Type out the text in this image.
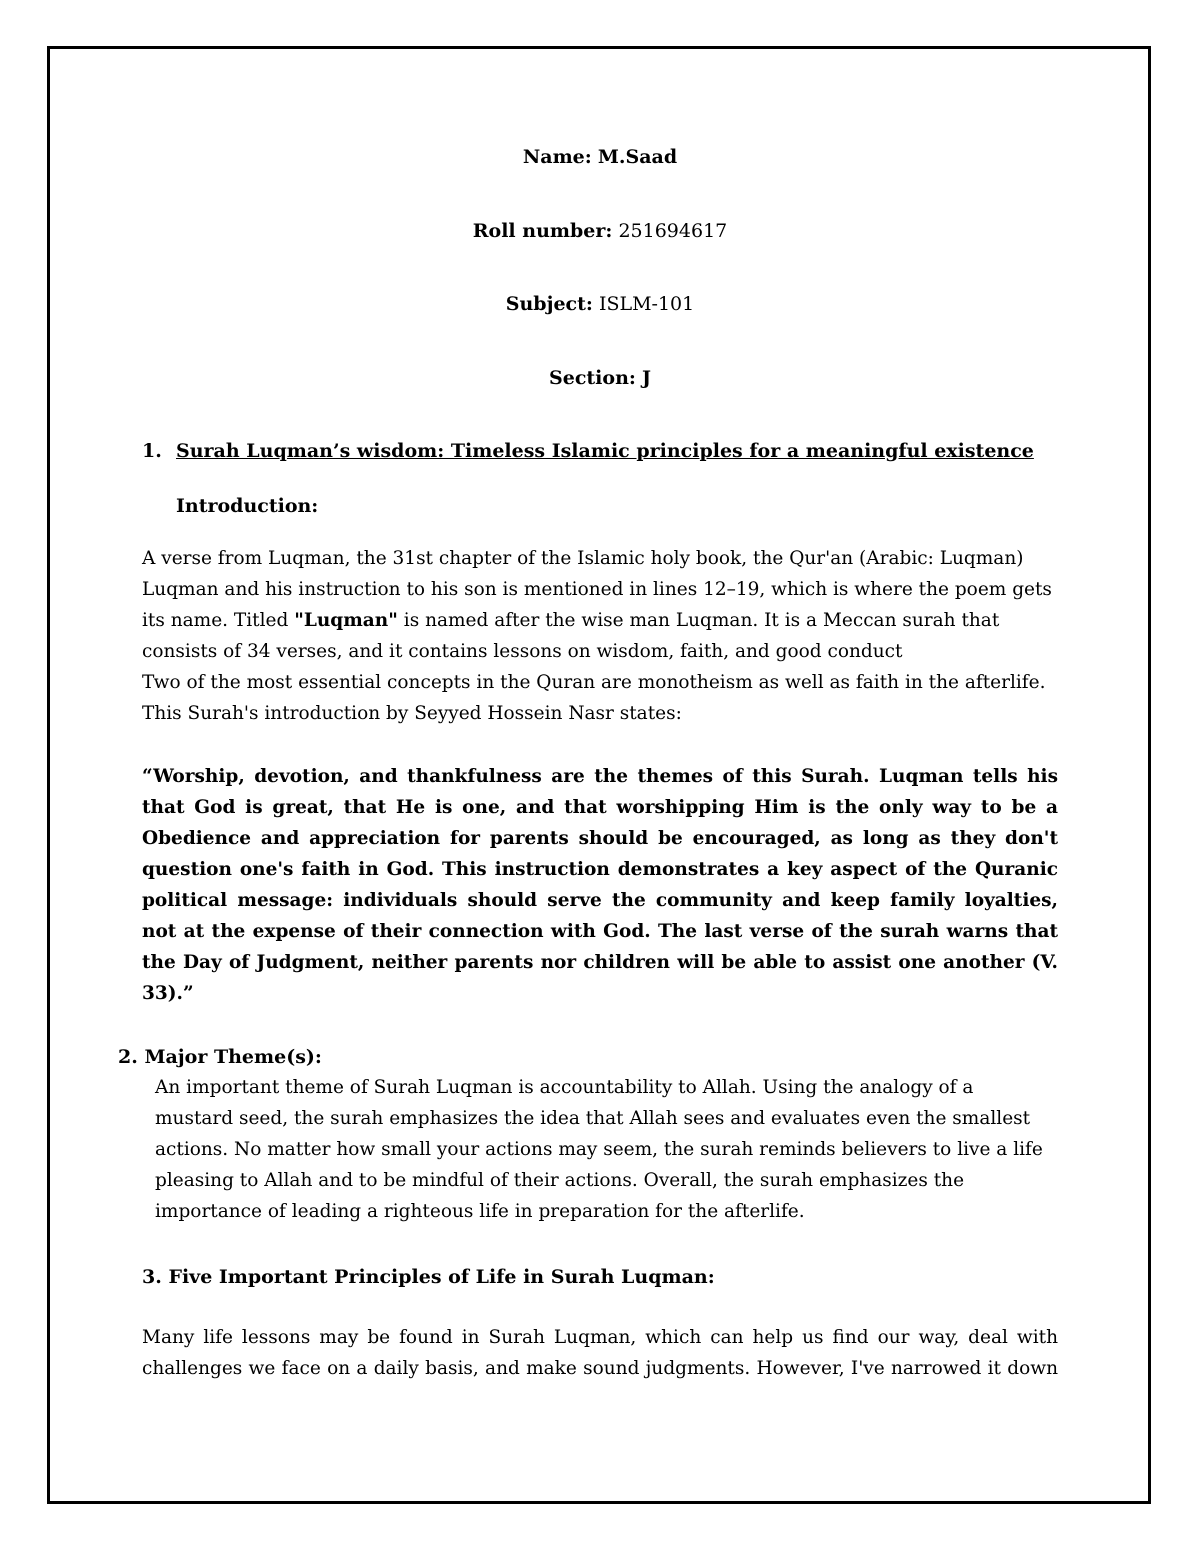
Name: M.Saad
Roll number: 251694617
Subject: ISLM-101
Section: J
1. Surah Luqman’s wisdom: Timeless Islamic principles for a meaningful existence
Introduction:
A verse from Luqman, the 31st chapter of the Islamic holy book, the Qur'an (Arabic: Luqman)
Luqman and his instruction to his son is mentioned in lines 12–19, which is where the poem gets
its name. Titled "Luqman" is named after the wise man Luqman. It is a Meccan surah that
consists of 34 verses, and it contains lessons on wisdom, faith, and good conduct
Two of the most essential concepts in the Quran are monotheism as well as faith in the afterlife.
This Surah's introduction by Seyyed Hossein Nasr states:
“Worship, devotion, and thankfulness are the themes of this Surah. Luqman tells his
that God is great, that He is one, and that worshipping Him is the only way to be a
Obedience and appreciation for parents should be encouraged, as long as they don't
question one's faith in God. This instruction demonstrates a key aspect of the Quranic
political message: individuals should serve the community and keep family loyalties,
not at the expense of their connection with God. The last verse of the surah warns that
the Day of Judgment, neither parents nor children will be able to assist one another (V.
33).”
2. Major Theme(s):
An important theme of Surah Luqman is accountability to Allah. Using the analogy of a
mustard seed, the surah emphasizes the idea that Allah sees and evaluates even the smallest
actions. No matter how small your actions may seem, the surah reminds believers to live a life
pleasing to Allah and to be mindful of their actions. Overall, the surah emphasizes the
importance of leading a righteous life in preparation for the afterlife.
3. Five Important Principles of Life in Surah Luqman:
Many life lessons may be found in Surah Luqman, which can help us find our way, deal with
challenges we face on a daily basis, and make sound judgments. However, I've narrowed it down
